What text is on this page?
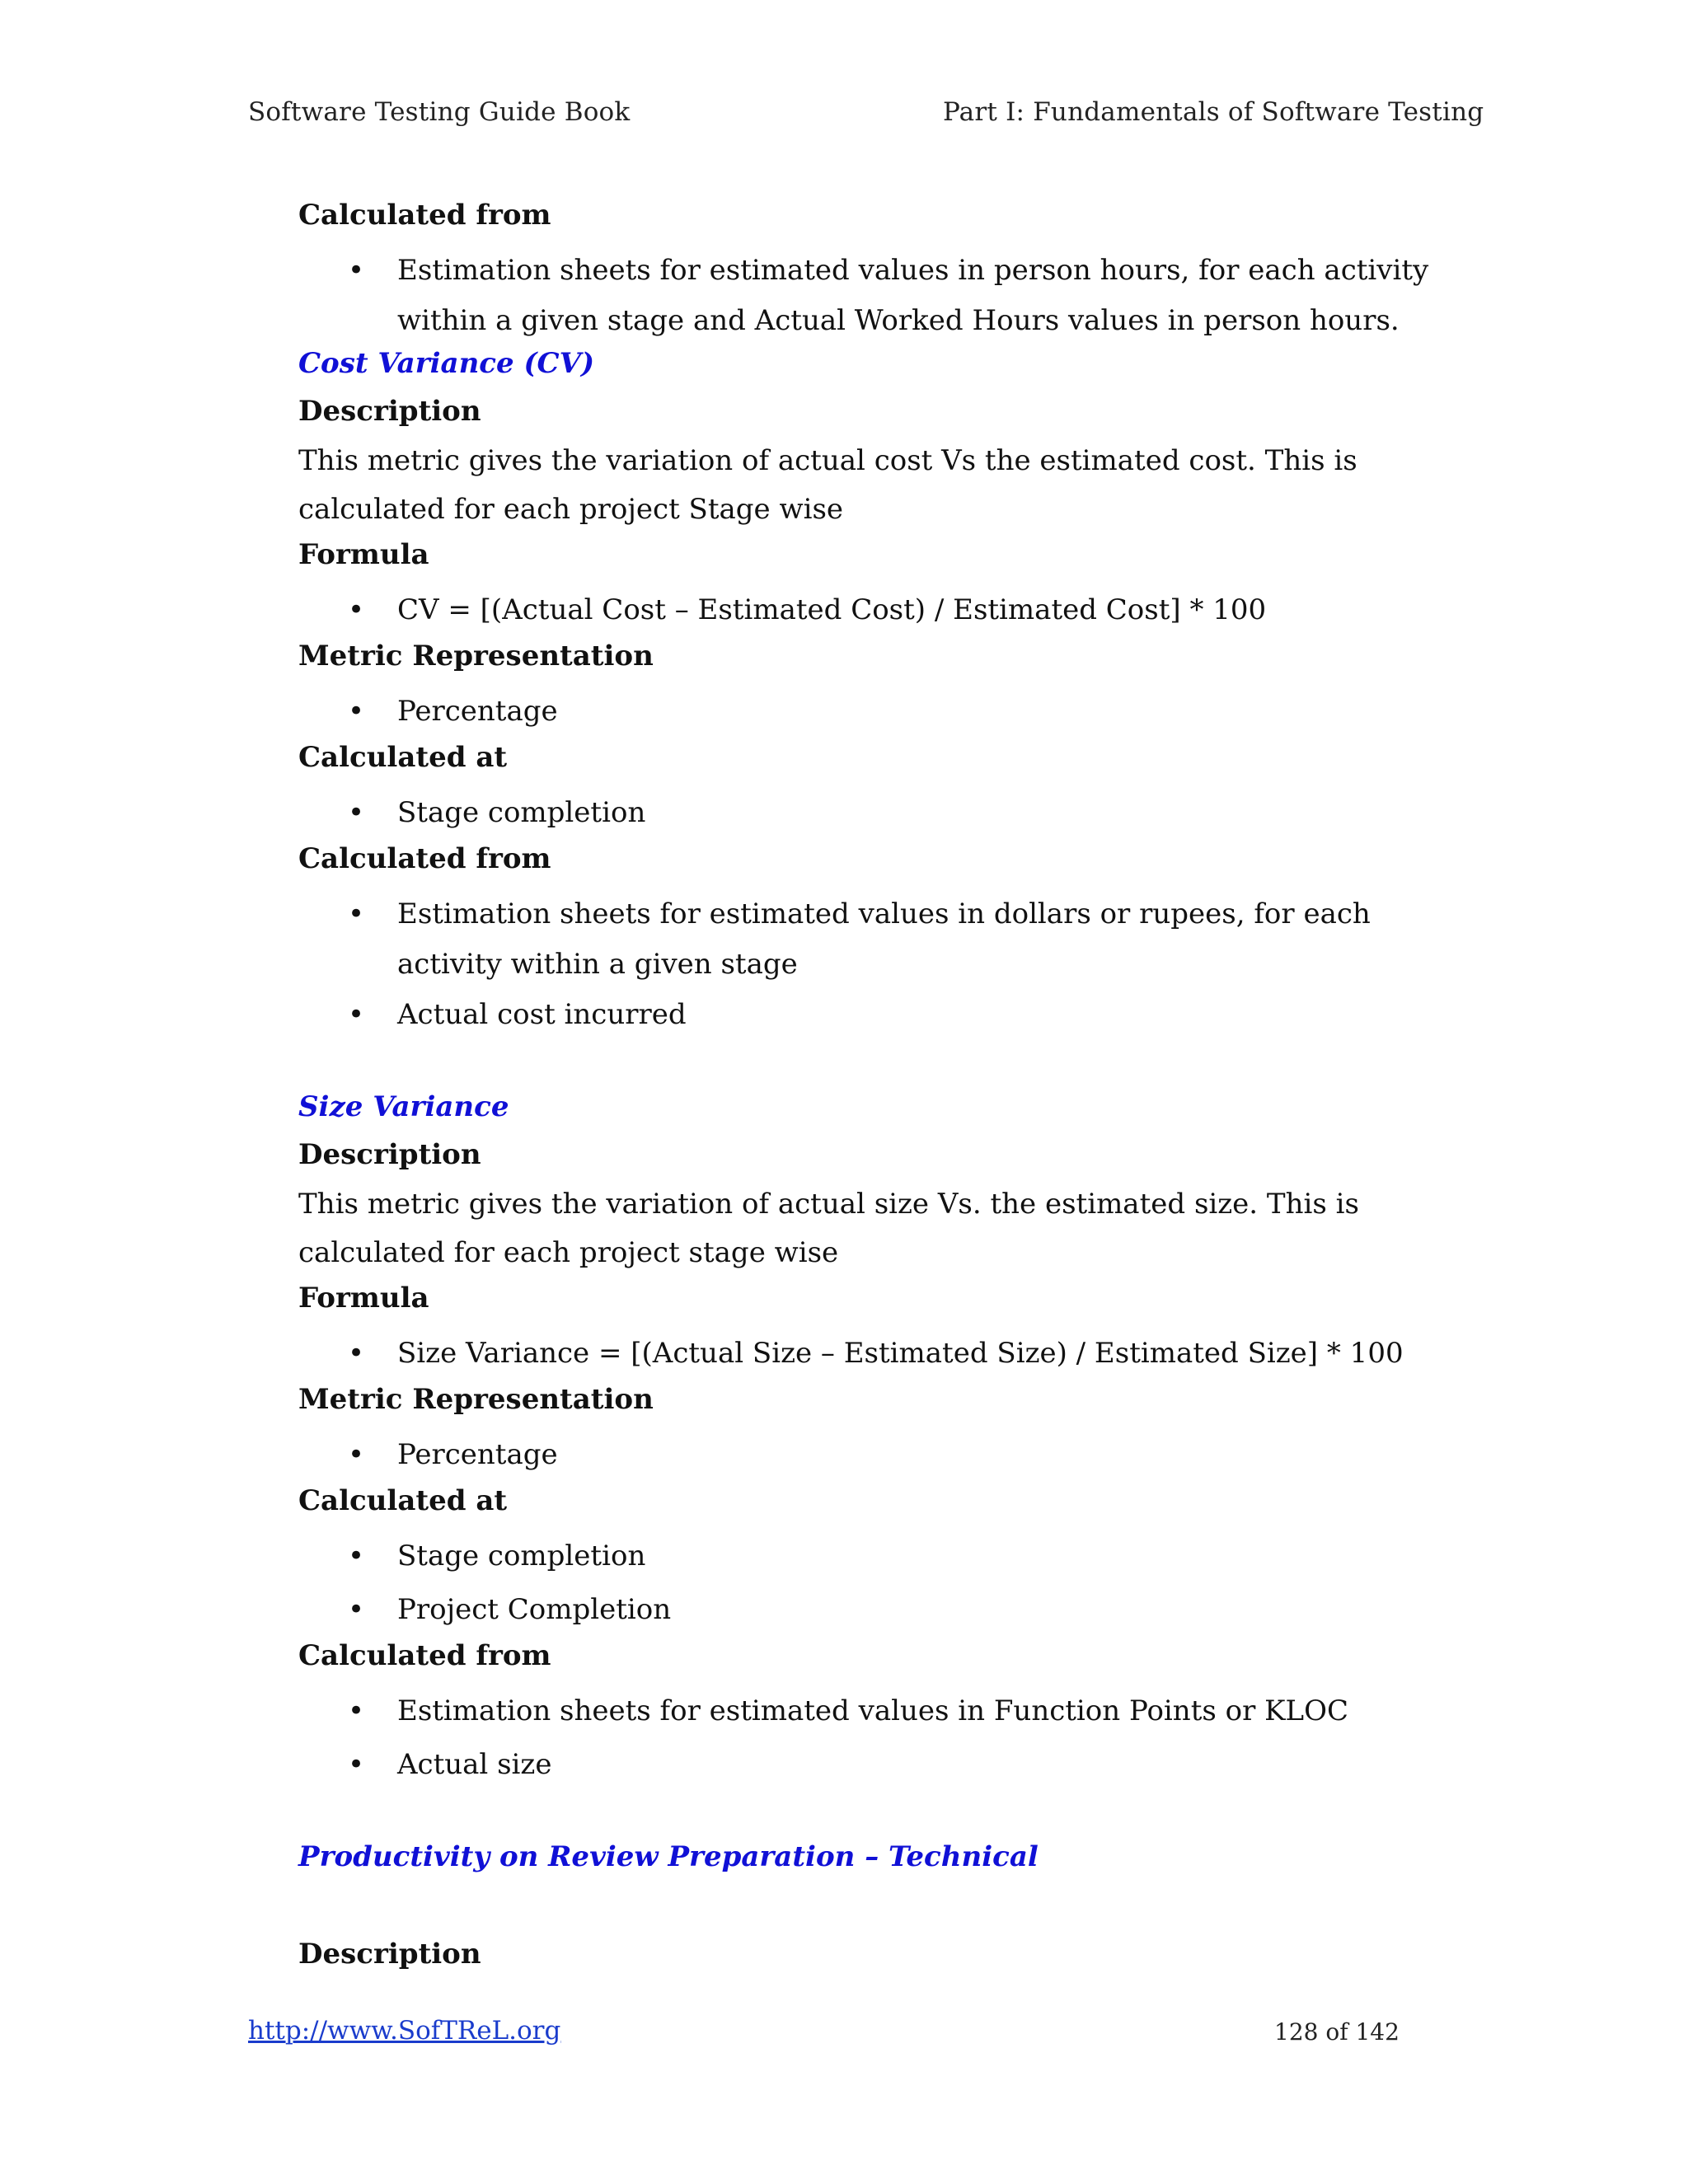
Software Testing Guide Book	Part I: Fundamentals of Software Testing
Calculated from
• Estimation sheets for estimated values in person hours, for each activity within a given stage and Actual Worked Hours values in person hours.
Cost Variance (CV)
Description
This metric gives the variation of actual cost Vs the estimated cost. This is calculated for each project Stage wise
Formula
• CV = [(Actual Cost – Estimated Cost) / Estimated Cost] * 100
Metric Representation
• Percentage
Calculated at
• Stage completion
Calculated from
• Estimation sheets for estimated values in dollars or rupees, for each activity within a given stage
• Actual cost incurred
Size Variance
Description
This metric gives the variation of actual size Vs. the estimated size. This is calculated for each project stage wise
Formula
• Size Variance = [(Actual Size – Estimated Size) / Estimated Size] * 100
Metric Representation
• Percentage
Calculated at
• Stage completion
• Project Completion
Calculated from
• Estimation sheets for estimated values in Function Points or KLOC
• Actual size
Productivity on Review Preparation – Technical
Description
http://www.SofTReL.org	128 of 142
